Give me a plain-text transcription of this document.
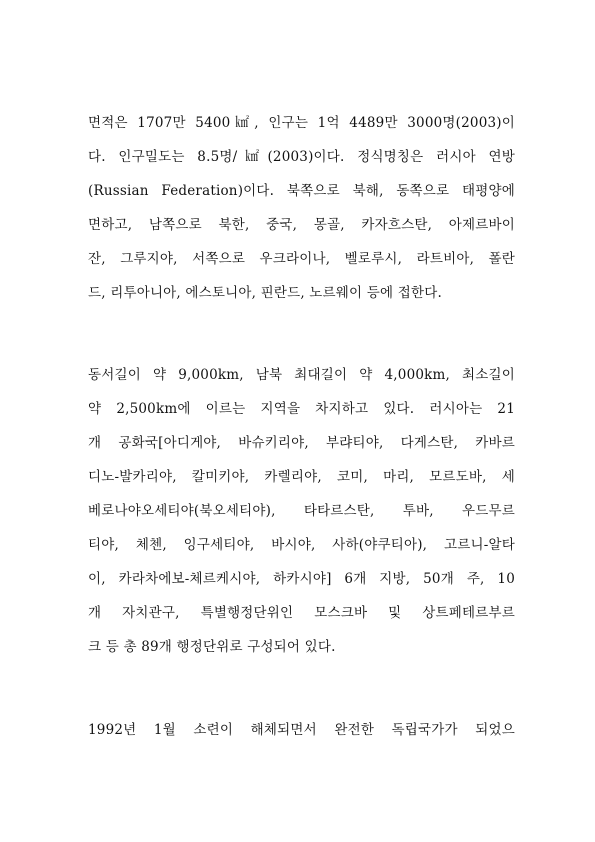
면적은 1707만 5400㎢, 인구는 1억 4489만 3000명(2003)이
다. 인구밀도는 8.5명/㎢(2003)이다. 정식명칭은 러시아 연방
(Russian Federation)이다. 북쪽으로 북해, 동쪽으로 태평양에
면하고, 남쪽으로 북한, 중국, 몽골, 카자흐스탄, 아제르바이
잔, 그루지야, 서쪽으로 우크라이나, 벨로루시, 라트비아, 폴란
드, 리투아니아, 에스토니아, 핀란드, 노르웨이 등에 접한다.
동서길이 약 9,000km, 남북 최대길이 약 4,000km, 최소길이
약 2,500km에 이르는 지역을 차지하고 있다. 러시아는 21
개 공화국[아디게야, 바슈키리야, 부랴티야, 다게스탄, 카바르
디노-발카리야, 칼미키야, 카렐리야, 코미, 마리, 모르도바, 세
베로나야오세티야(북오세티야), 타타르스탄, 투바, 우드무르
티야, 체첸, 잉구세티야, 바시야, 사하(야쿠티아), 고르니-알타
이, 카라차에보-체르케시야, 하카시야] 6개 지방, 50개 주, 10
개 자치관구, 특별행정단위인 모스크바 및 상트페테르부르
크 등 총 89개 행정단위로 구성되어 있다.
1992년 1월 소련이 해체되면서 완전한 독립국가가 되었으
